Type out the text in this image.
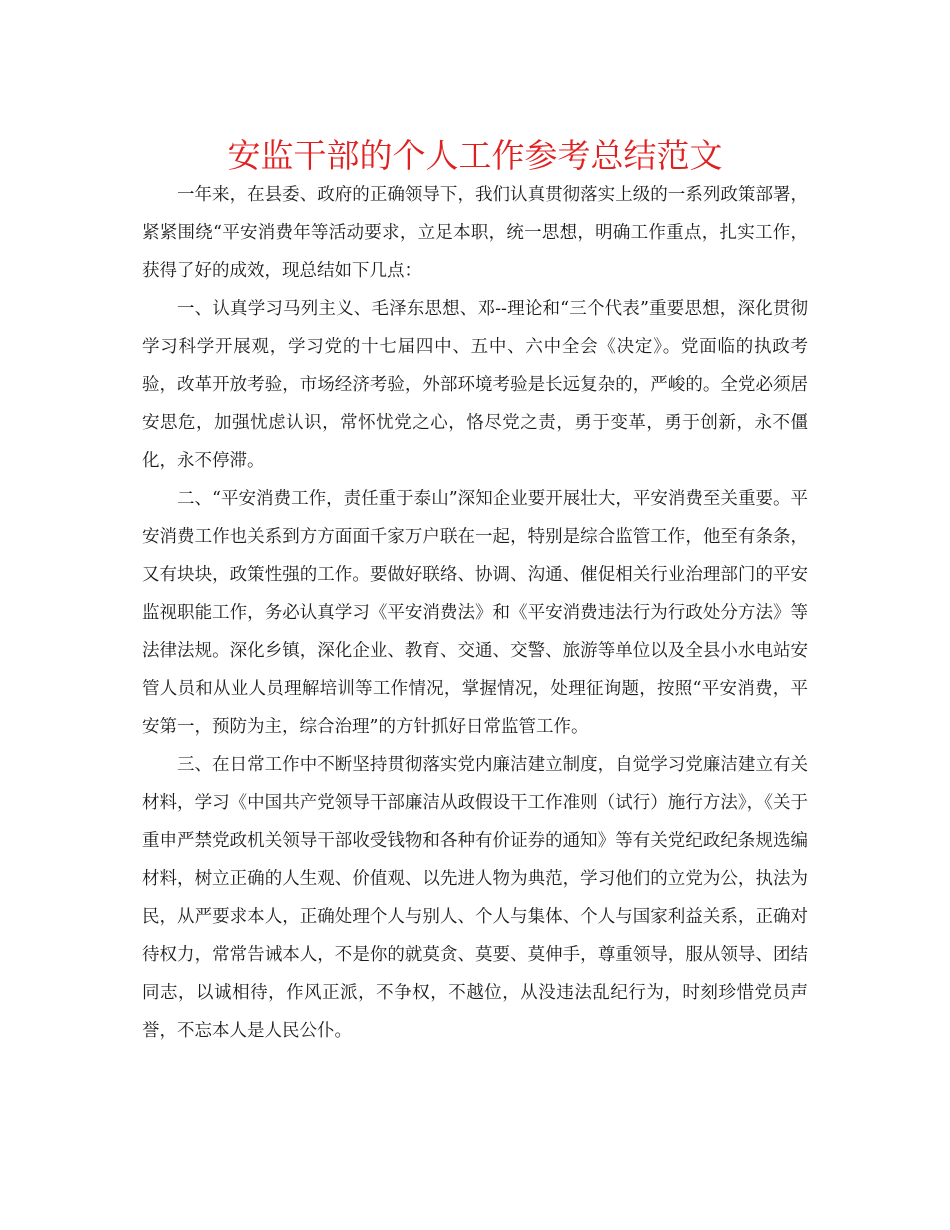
安监干部的个人工作参考总结范文

一年来，在县委、政府的正确领导下，我们认真贯彻落实上级的一系列政策部署，紧紧围绕“平安消费年等活动要求，立足本职，统一思想，明确工作重点，扎实工作，获得了好的成效，现总结如下几点：

一、认真学习马列主义、毛泽东思想、邓--理论和“三个代表”重要思想，深化贯彻学习科学开展观，学习党的十七届四中、五中、六中全会《决定》。党面临的执政考验，改革开放考验，市场经济考验，外部环境考验是长远复杂的，严峻的。全党必须居安思危，加强忧虑认识，常怀忧党之心，恪尽党之责，勇于变革，勇于创新，永不僵化，永不停滞。

二、“平安消费工作，责任重于泰山”深知企业要开展壮大，平安消费至关重要。平安消费工作也关系到方方面面千家万户联在一起，特别是综合监管工作，他至有条条，又有块块，政策性强的工作。要做好联络、协调、沟通、催促相关行业治理部门的平安监视职能工作，务必认真学习《平安消费法》和《平安消费违法行为行政处分方法》等法律法规。深化乡镇，深化企业、教育、交通、交警、旅游等单位以及全县小水电站安管人员和从业人员理解培训等工作情况，掌握情况，处理征询题，按照“平安消费，平安第一，预防为主，综合治理”的方针抓好日常监管工作。

三、在日常工作中不断坚持贯彻落实党内廉洁建立制度，自觉学习党廉洁建立有关材料，学习《中国共产党领导干部廉洁从政假设干工作准则（试行）施行方法》，《关于重申严禁党政机关领导干部收受钱物和各种有价证券的通知》等有关党纪政纪条规选编材料，树立正确的人生观、价值观、以先进人物为典范，学习他们的立党为公，执法为民，从严要求本人，正确处理个人与别人、个人与集体、个人与国家利益关系，正确对待权力，常常告诫本人，不是你的就莫贪、莫要、莫伸手，尊重领导，服从领导、团结同志，以诚相待，作风正派，不争权，不越位，从没违法乱纪行为，时刻珍惜党员声誉，不忘本人是人民公仆。
